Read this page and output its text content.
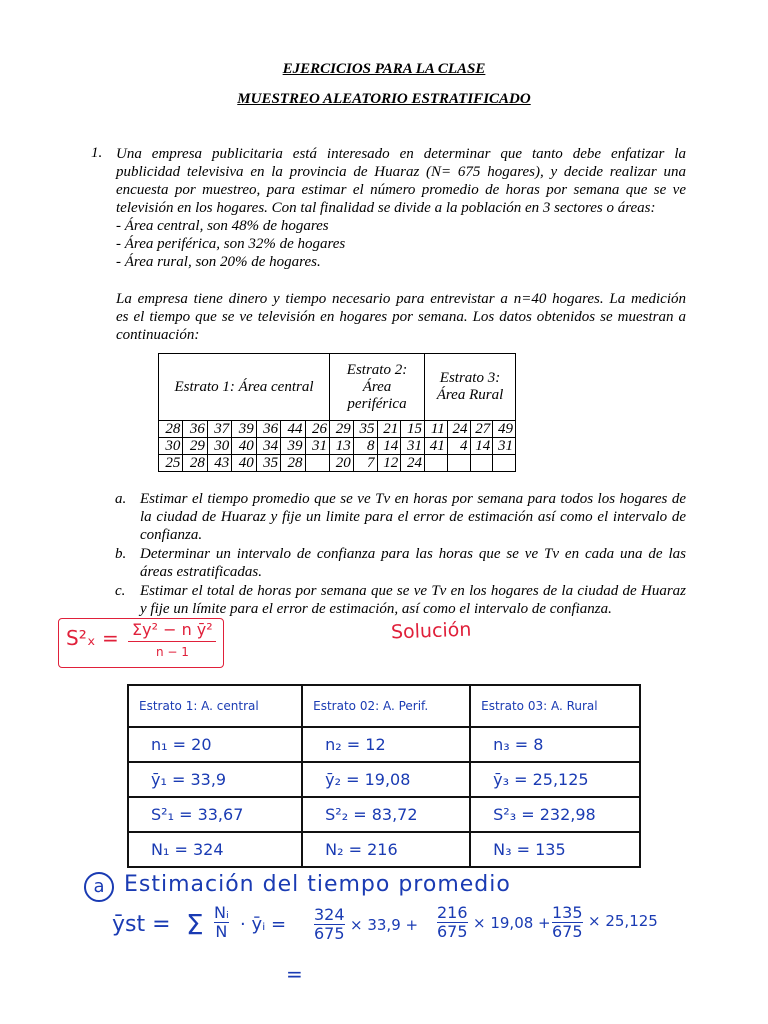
EJERCICIOS PARA LA CLASE
MUESTREO ALEATORIO ESTRATIFICADO
1. Una empresa publicitaria está interesado en determinar que tanto debe enfatizar la
publicidad televisiva en la provincia de Huaraz (N= 675 hogares), y decide realizar una
encuesta por muestreo, para estimar el número promedio de horas por semana que se ve
televisión en los hogares. Con tal finalidad se divide a la población en 3 sectores o áreas:
- Área central, son 48% de hogares
- Área periférica, son 32% de hogares
- Área rural, son 20% de hogares.
La empresa tiene dinero y tiempo necesario para entrevistar a n=40 hogares. La medición
es el tiempo que se ve televisión en hogares por semana. Los datos obtenidos se muestran a
continuación:
Estrato 1: Área central							Estrato 2: Área periférica				Estrato 3: Área Rural			
28	36	37	39	36	44	26	29	35	21	15	11	24	27	49
30	29	30	40	34	39	31	13	8	14	31	41	4	14	31
25	28	43	40	35	28		20	7	12	24				
a. Estimar el tiempo promedio que se ve Tv en horas por semana para todos los hogares de
la ciudad de Huaraz y fije un limite para el error de estimación así como el intervalo de
confianza.
b. Determinar un intervalo de confianza para las horas que se ve Tv en cada una de las
áreas estratificadas.
c. Estimar el total de horas por semana que se ve Tv en los hogares de la ciudad de Huaraz
y fije un límite para el error de estimación, así como el intervalo de confianza.
S²ₓ = Σy² − n ȳ²
n − 1
Solución
Estrato 1: A. central	Estrato 02: A. Perif.	Estrato 03: A. Rural
n₁ = 20	n₂ = 12	n₃ = 8
ȳ₁ = 33,9	ȳ₂ = 19,08	ȳ₃ = 25,125
S²₁ = 33,67	S²₂ = 83,72	S²₃ = 232,98
N₁ = 324	N₂ = 216	N₃ = 135
a Estimación del tiempo promedio
ȳst = Σ $\frac{\text{Nᵢ}}{N}$ · ȳᵢ = $\frac{324}{675} \times 33,9 + \frac{216}{675} \times 19,08 + \frac{135}{675} \times 25,125$
=
